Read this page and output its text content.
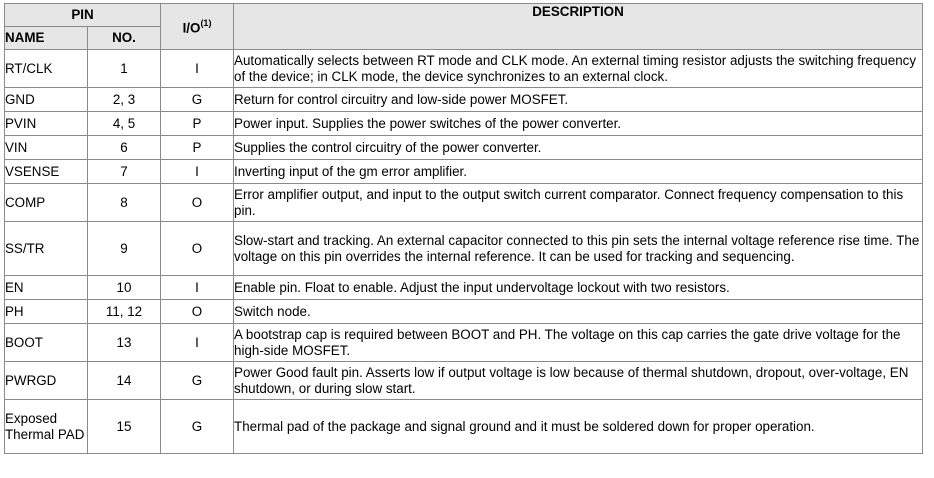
PIN		$I/O^{(1)}$	DESCRIPTION
NAME	NO.		
RT/CLK	1	I	Automatically selects between RT mode and CLK mode. An external timing resistor adjusts the switching frequency of the device; in CLK mode, the device synchronizes to an external clock.
GND	2, 3	G	Return for control circuitry and low-side power MOSFET.
PVIN	4, 5	P	Power input. Supplies the power switches of the power converter.
VIN	6	P	Supplies the control circuitry of the power converter.
VSENSE	7	I	Inverting input of the gm error amplifier.
COMP	8	O	Error amplifier output, and input to the output switch current comparator. Connect frequency compensation to this pin.
SS/TR	9	O	Slow-start and tracking. An external capacitor connected to this pin sets the internal voltage reference rise time. The voltage on this pin overrides the internal reference. It can be used for tracking and sequencing.
EN	10	I	Enable pin. Float to enable. Adjust the input undervoltage lockout with two resistors.
PH	11, 12	O	Switch node.
BOOT	13	I	A bootstrap cap is required between BOOT and PH. The voltage on this cap carries the gate drive voltage for the high-side MOSFET.
PWRGD	14	G	Power Good fault pin. Asserts low if output voltage is low because of thermal shutdown, dropout, over-voltage, EN shutdown, or during slow start.
Exposed Thermal PAD	15	G	Thermal pad of the package and signal ground and it must be soldered down for proper operation.
